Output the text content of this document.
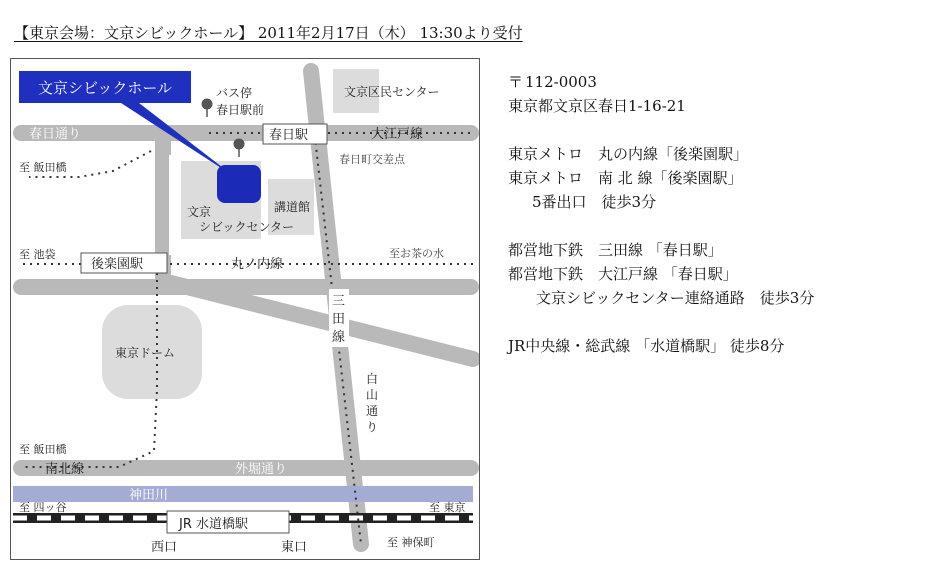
【東京会場：文京シビックホール】 2011年2月17日（木） 13:30より受付
文京シビックホール	バス停
春日駅前
文京区民センター
春日通り	春日駅	大江戸線
至 飯田橋
春日町交差点
文京
シビックセンター
講道館
至 池袋
後楽園駅	丸ノ内線
至お茶の水
東京ドーム
至 飯田橋
南北線	外堀通り
神田川
至 四ッ谷	至 東京
JR 水道橋駅
西口	東口	至 神保町
三田線
白山通り
〒 112-0003
東京都文京区春日1-16-21
東京メトロ　丸の内線「後楽園駅」
東京メトロ　南 北 線「後楽園駅」
5番出口　徒歩3分
都営地下鉄　三田線 「春日駅」
都営地下鉄　大江戸線 「春日駅」
文京シビックセンター連絡通路　徒歩3分
JR中央線・総武線 「水道橋駅」 徒歩8分
